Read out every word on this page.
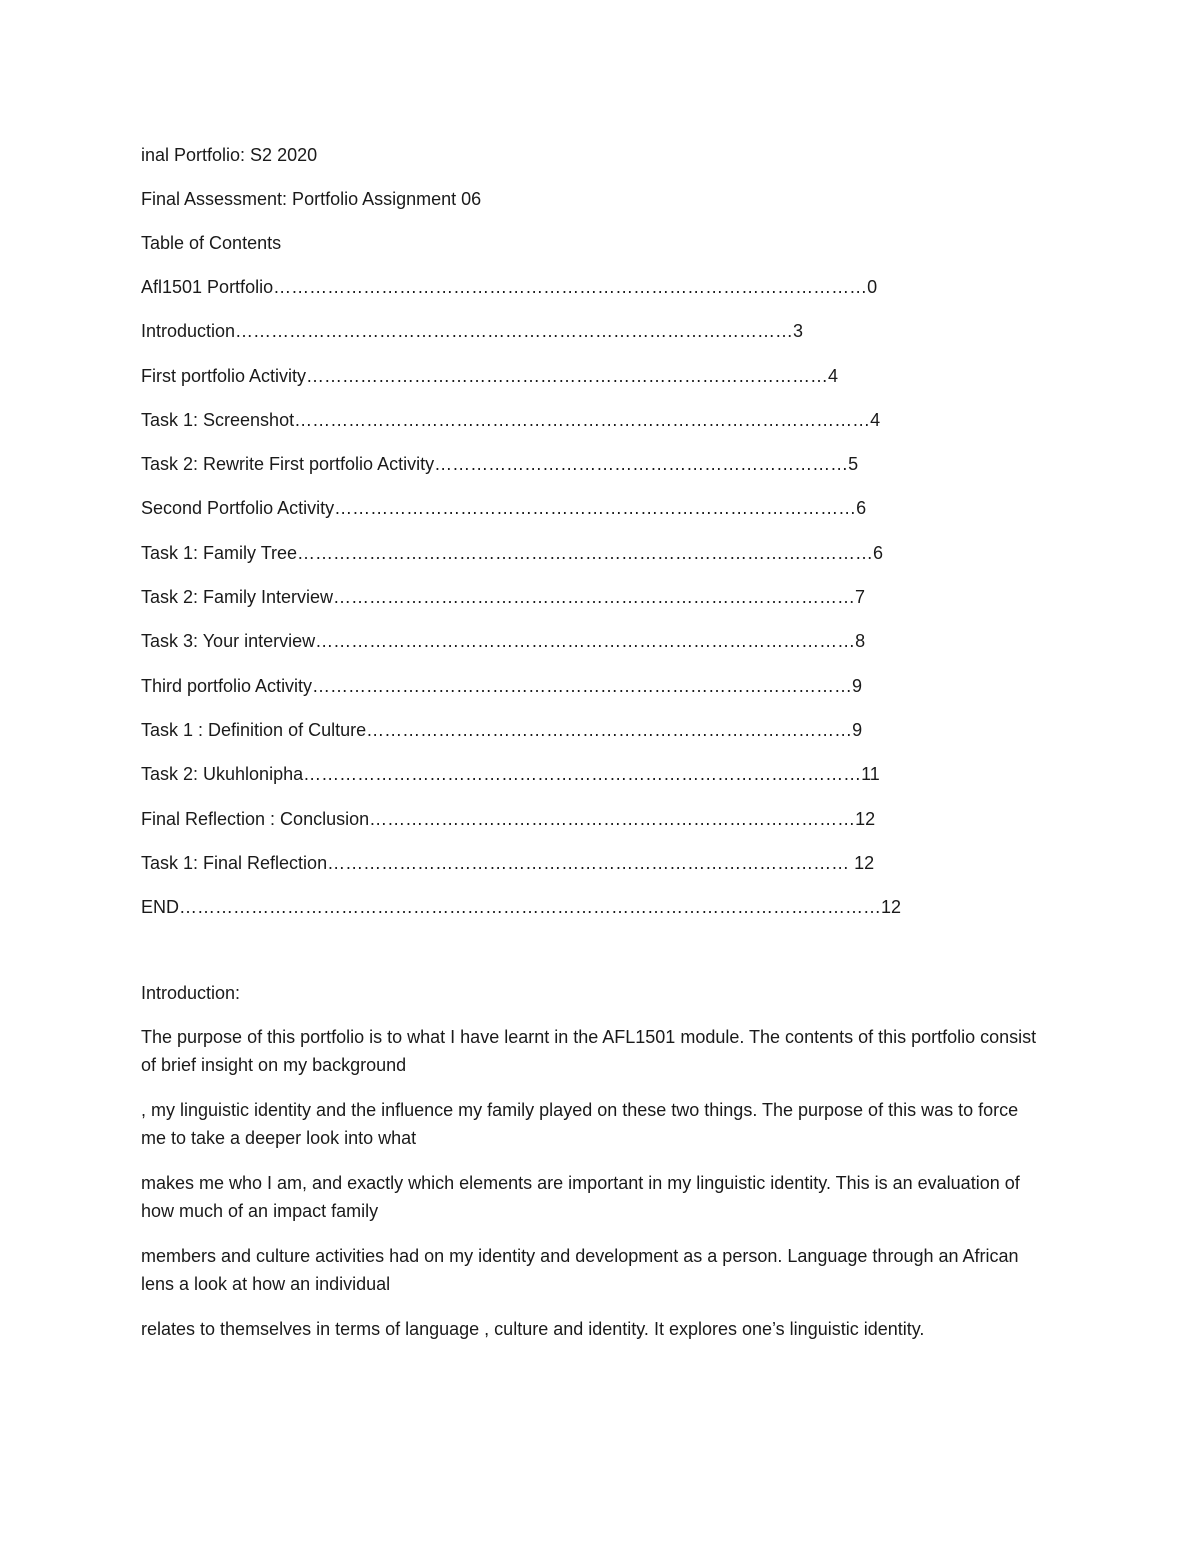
inal Portfolio: S2 2020
Final Assessment: Portfolio Assignment 06
Table of Contents
Afl1501 Portfolio………………………………………………………………………………………0
Introduction…………………………………………………………………………………3
First portfolio Activity……………………………………………………………………………4
Task 1: Screenshot……………………………………………………………………………………4
Task 2: Rewrite First portfolio Activity……………………………………………………………5
Second Portfolio Activity……………………………………………………………………………6
Task 1: Family Tree……………………………………………………………………………………6
Task 2: Family Interview……………………………………………………………………………7
Task 3: Your interview………………………………………………………………………………8
Third portfolio Activity………………………………………………………………………………9
Task 1 : Definition of Culture………………………………………………………………………9
Task 2: Ukuhlonipha…………………………………………………………………………………11
Final Reflection : Conclusion………………………………………………………………………12
Task 1: Final Reflection…………………………………………………………………………… 12
END………………………………………………………………………………………………………12
Introduction:

The purpose of this portfolio is to what I have learnt in the AFL1501 module. The contents of this portfolio consist of brief insight on my background

, my linguistic identity and the influence my family played on these two things. The purpose of this was to force me to take a deeper look into what

makes me who I am, and exactly which elements are important in my linguistic identity. This is an evaluation of how much of an impact family

members and culture activities had on my identity and development as a person. Language through an African lens a look at how an individual

relates to themselves in terms of language , culture and identity. It explores one’s linguistic identity.
